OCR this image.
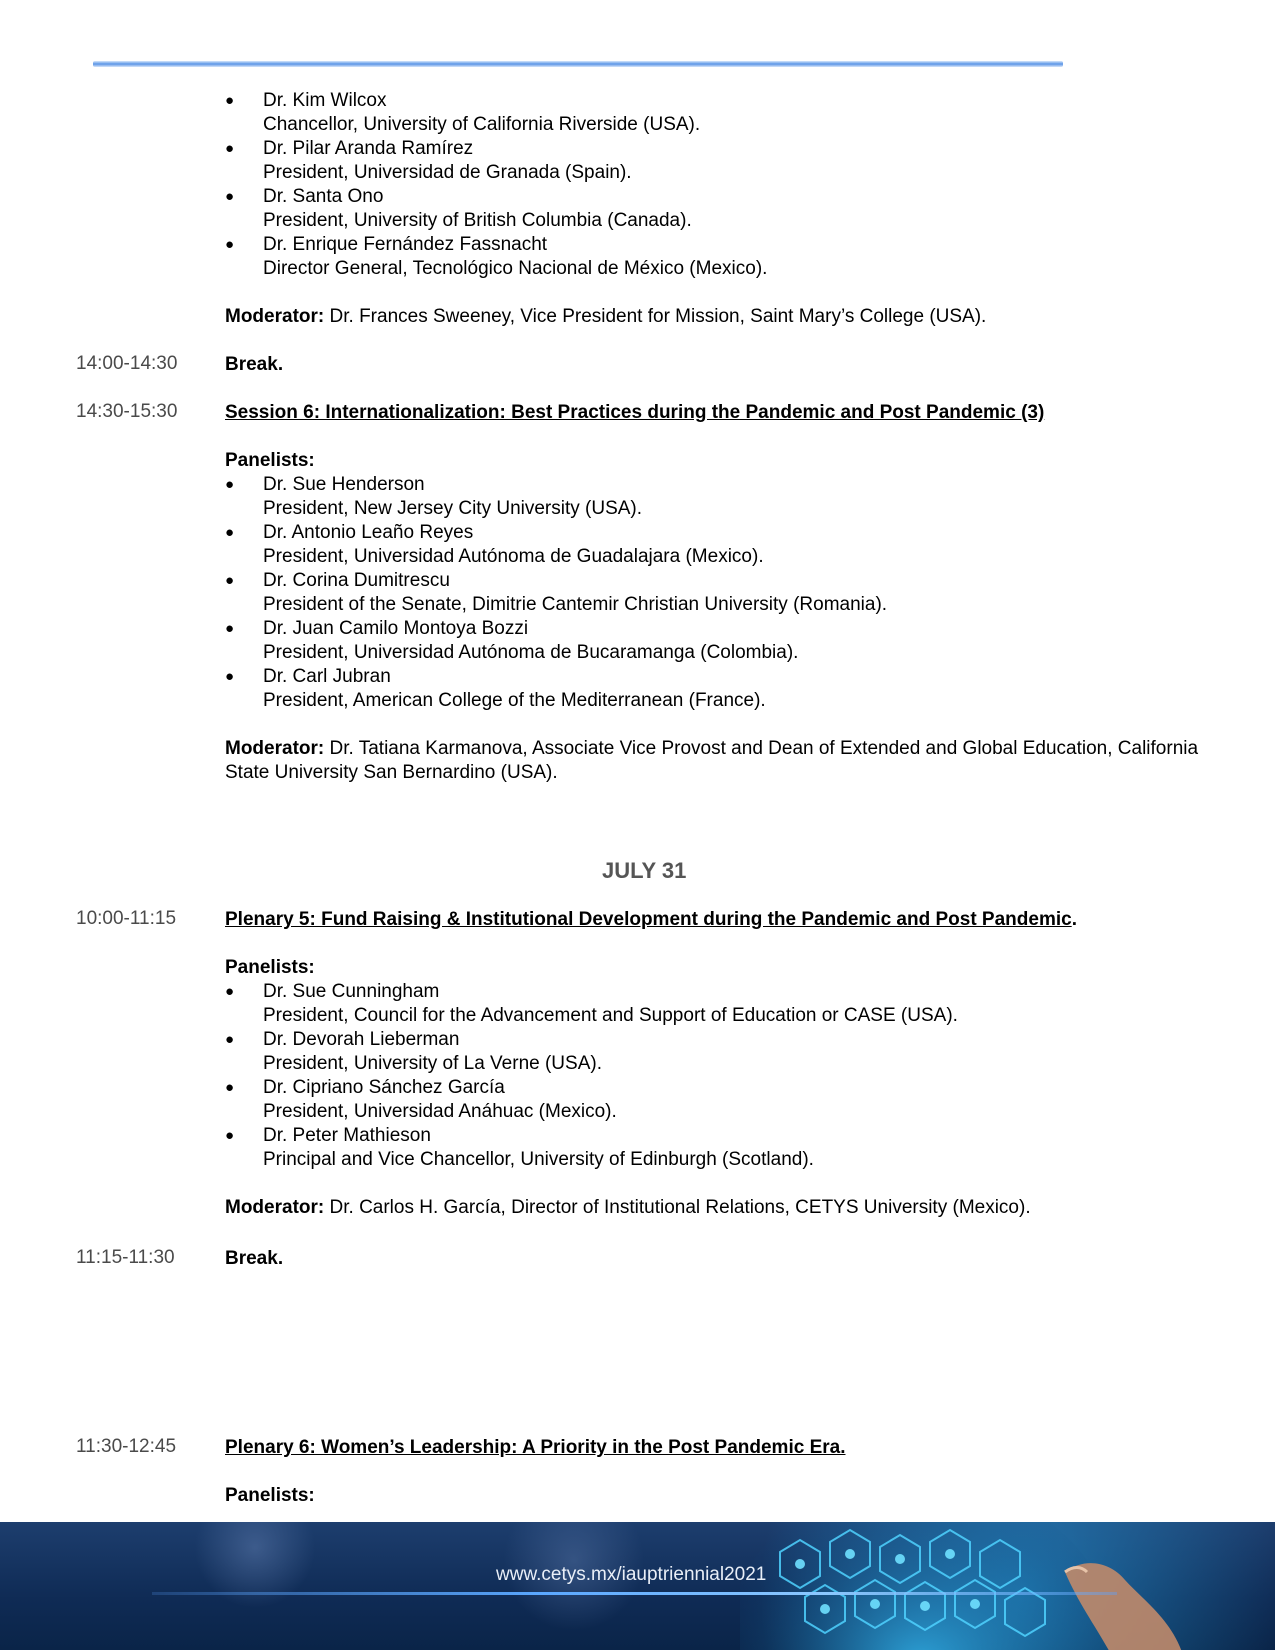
● Dr. Kim Wilcox
Chancellor, University of California Riverside (USA).
● Dr. Pilar Aranda Ramírez
President, Universidad de Granada (Spain).
● Dr. Santa Ono
President, University of British Columbia (Canada).
● Dr. Enrique Fernández Fassnacht
Director General, Tecnológico Nacional de México (Mexico).

Moderator: Dr. Frances Sweeney, Vice President for Mission, Saint Mary’s College (USA).

14:00-14:30	Break.
14:30-15:30	Session 6: Internationalization: Best Practices during the Pandemic and Post Pandemic (3)

Panelists:

● Dr. Sue Henderson
President, New Jersey City University (USA).
● Dr. Antonio Leaño Reyes
President, Universidad Autónoma de Guadalajara (Mexico).
● Dr. Corina Dumitrescu
President of the Senate, Dimitrie Cantemir Christian University (Romania).
● Dr. Juan Camilo Montoya Bozzi
President, Universidad Autónoma de Bucaramanga (Colombia).
● Dr. Carl Jubran
President, American College of the Mediterranean (France).

Moderator: Dr. Tatiana Karmanova, Associate Vice Provost and Dean of Extended and Global Education, California State University San Bernardino (USA).

JULY 31
10:00-11:15	Plenary 5: Fund Raising & Institutional Development during the Pandemic and Post Pandemic.

Panelists:

● Dr. Sue Cunningham
President, Council for the Advancement and Support of Education or CASE (USA).
● Dr. Devorah Lieberman
President, University of La Verne (USA).
● Dr. Cipriano Sánchez García
President, Universidad Anáhuac (Mexico).
● Dr. Peter Mathieson
Principal and Vice Chancellor, University of Edinburgh (Scotland).

Moderator: Dr. Carlos H. García, Director of Institutional Relations, CETYS University (Mexico).

11:15-11:30	Break.
11:30-12:45	Plenary 6: Women’s Leadership: A Priority in the Post Pandemic Era.

Panelists:

www.cetys.mx/iauptriennial2021
